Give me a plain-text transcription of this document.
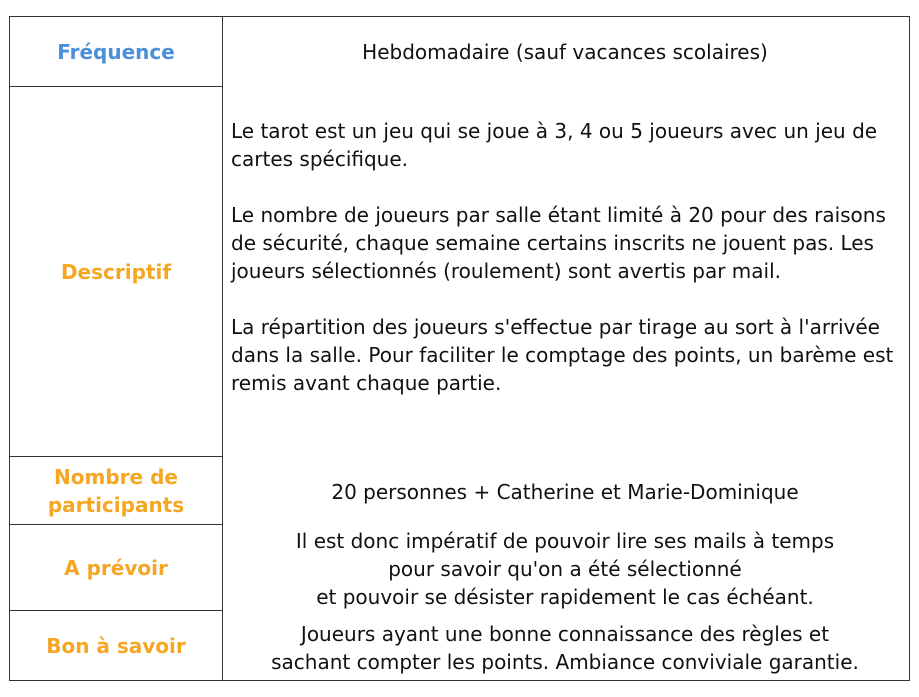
Fréquence
Descriptif
Nombre de
participants
A prévoir
Bon à savoir
Hebdomadaire (sauf vacances scolaires)

Le tarot est un jeu qui se joue à 3, 4 ou 5 joueurs avec un jeu de cartes spécifique.

Le nombre de joueurs par salle étant limité à 20 pour des raisons de sécurité, chaque semaine certains inscrits ne jouent pas. Les joueurs sélectionnés (roulement) sont avertis par mail.

La répartition des joueurs s'effectue par tirage au sort à l'arrivée dans la salle. Pour faciliter le comptage des points, un barème est remis avant chaque partie.

20 personnes + Catherine et Marie-Dominique
Il est donc impératif de pouvoir lire ses mails à temps
pour savoir qu'on a été sélectionné
et pouvoir se désister rapidement le cas échéant.
Joueurs ayant une bonne connaissance des règles et
sachant compter les points. Ambiance conviviale garantie.
